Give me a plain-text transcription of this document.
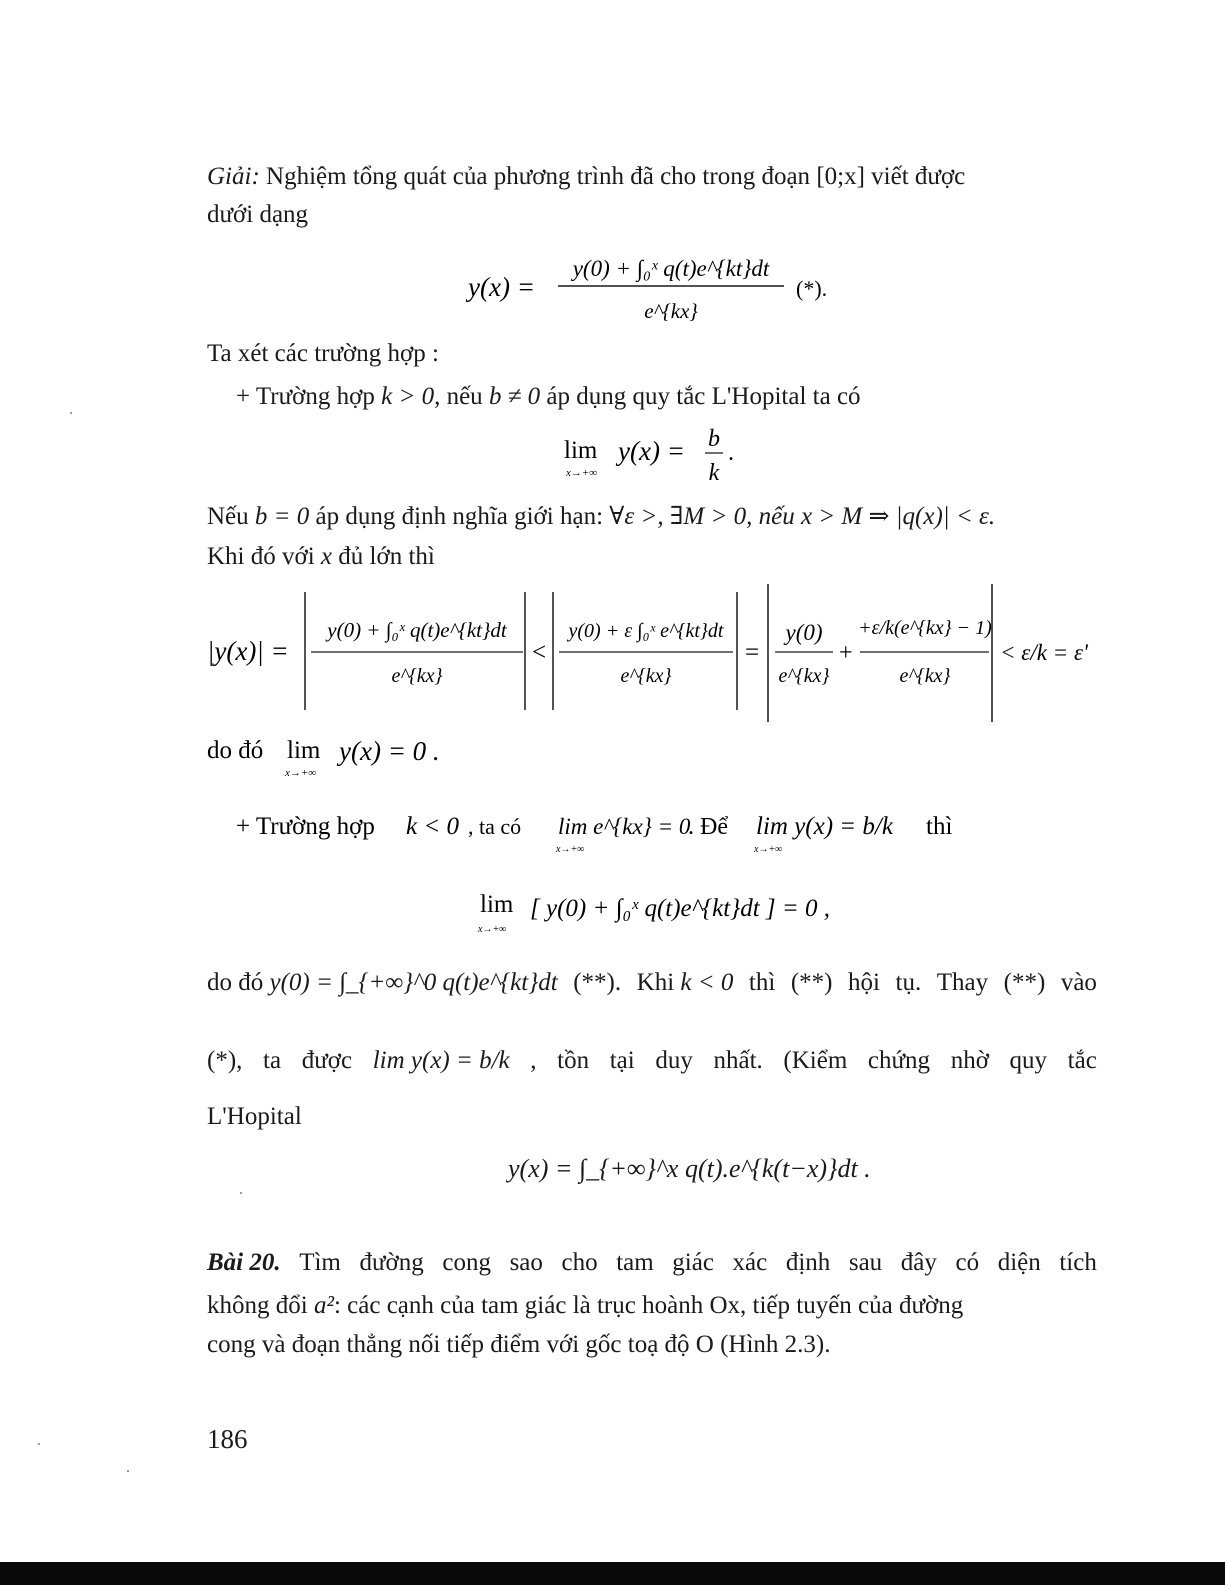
Giải: Nghiệm tổng quát của phương trình đã cho trong đoạn [0;x] viết được
dưới dạng
y(x) =
y(0) + ∫₀ˣ q(t)e^{kt}dt
e^{kx}
(*).
Ta xét các trường hợp :
+ Trường hợp k > 0, nếu b ≠ 0 áp dụng quy tắc L'Hopital ta có
lim
x→+∞
y(x) = b
k
.
Nếu b = 0 áp dụng định nghĩa giới hạn: ∀ε >, ∃M > 0, nếu x > M ⇒ |q(x)| < ε.
Khi đó với x đủ lớn thì
|y(x)| =
y(0) + ∫₀ˣ q(t)e^{kt}dt
e^{kx}
<
y(0) + ε ∫₀ˣ e^{kt}dt
e^{kx}
=
y(0)
e^{kx}
+
+ε/k(e^{kx} − 1)
e^{kx}
< ε/k = ε'
do đó lim
x→+∞
y(x) = 0 .
+ Trường hợp k < 0 , ta có lim e^{kx} = 0
x→+∞
. Để lim y(x) = b/k
x→+∞
thì
lim
x→+∞
[ y(0) + ∫₀ˣ q(t)e^{kt}dt ] = 0 ,
do đó y(0) = ∫_{+∞}^0 q(t)e^{kt}dt (**). Khi k < 0 thì (**) hội tụ. Thay (**) vào
(*), ta được lim y(x) = b/k , tồn tại duy nhất. (Kiểm chứng nhờ quy tắc
L'Hopital
y(x) = ∫_{+∞}^x q(t).e^{k(t−x)}dt .
Bài 20. Tìm đường cong sao cho tam giác xác định sau đây có diện tích
không đổi a²: các cạnh của tam giác là trục hoành Ox, tiếp tuyến của đường
cong và đoạn thẳng nối tiếp điểm với gốc toạ độ O (Hình 2.3).
186
